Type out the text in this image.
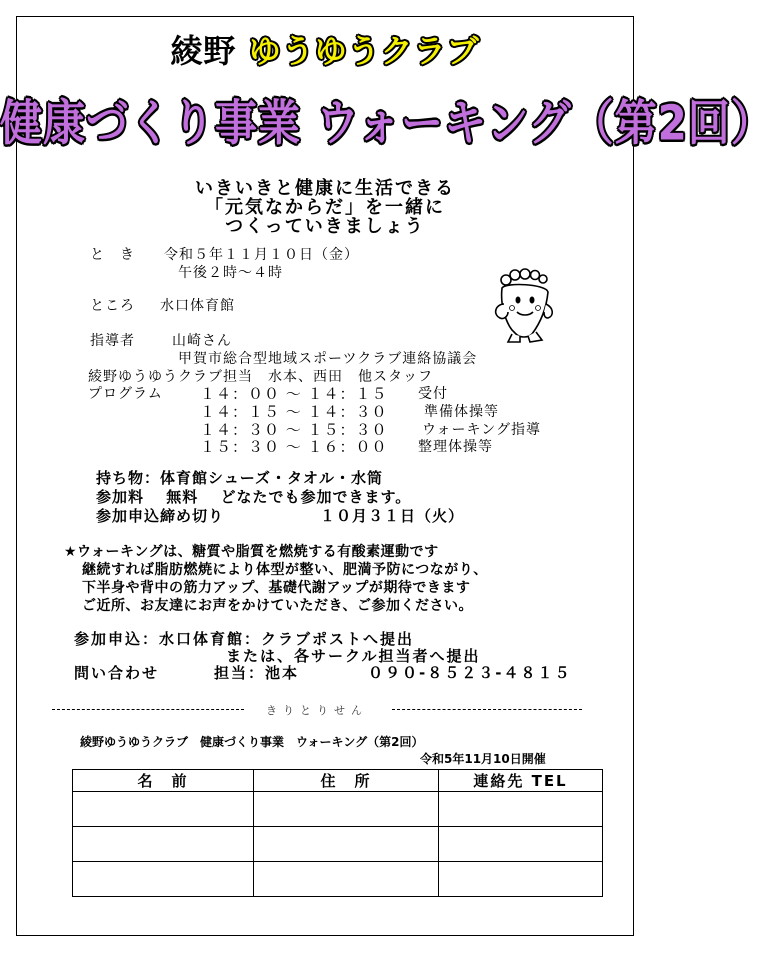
綾野 ゆうゆうクラブ
健康づくり事業 ウォーキング（第2回）
いきいきと健康に生活できる
「元気なからだ」を一緒に
つくっていきましょう
と　き 令和５年１１月１０日（金）
午後２時～４時
ところ 水口体育館
指導者	山崎さん
甲賀市総合型地域スポーツクラブ連絡協議会
綾野ゆうゆうクラブ担当　水本、西田　他スタッフ
プログラム １４：００ ～ １４：１５ 受付
１４：１５ ～ １４：３０	準備体操等
１４：３０ ～ １５：３０ ウォーキング指導
１５：３０ ～ １６：００ 整理体操等
持ち物：体育館シューズ・タオル・水筒
参加料　 無料　 どなたでも参加できます。
参加申込締め切り	１０月３１日（火）
★ウォーキングは、糖質や脂質を燃焼する有酸素運動です
継続すれば脂肪燃焼により体型が整い、肥満予防につながり、
下半身や背中の筋力アップ、基礎代謝アップが期待できます
ご近所、お友達にお声をかけていただき、ご参加ください。
参加申込：水口体育館：クラブポストへ提出
または、各サークル担当者へ提出
問い合わせ	担当：池本	０９０-８５２３-４８１５
きりとりせん
綾野ゆうゆうクラブ　健康づくり事業　ウォーキング（第2回）
令和5年11月10日開催
名　前	住　所	連絡先 TEL
